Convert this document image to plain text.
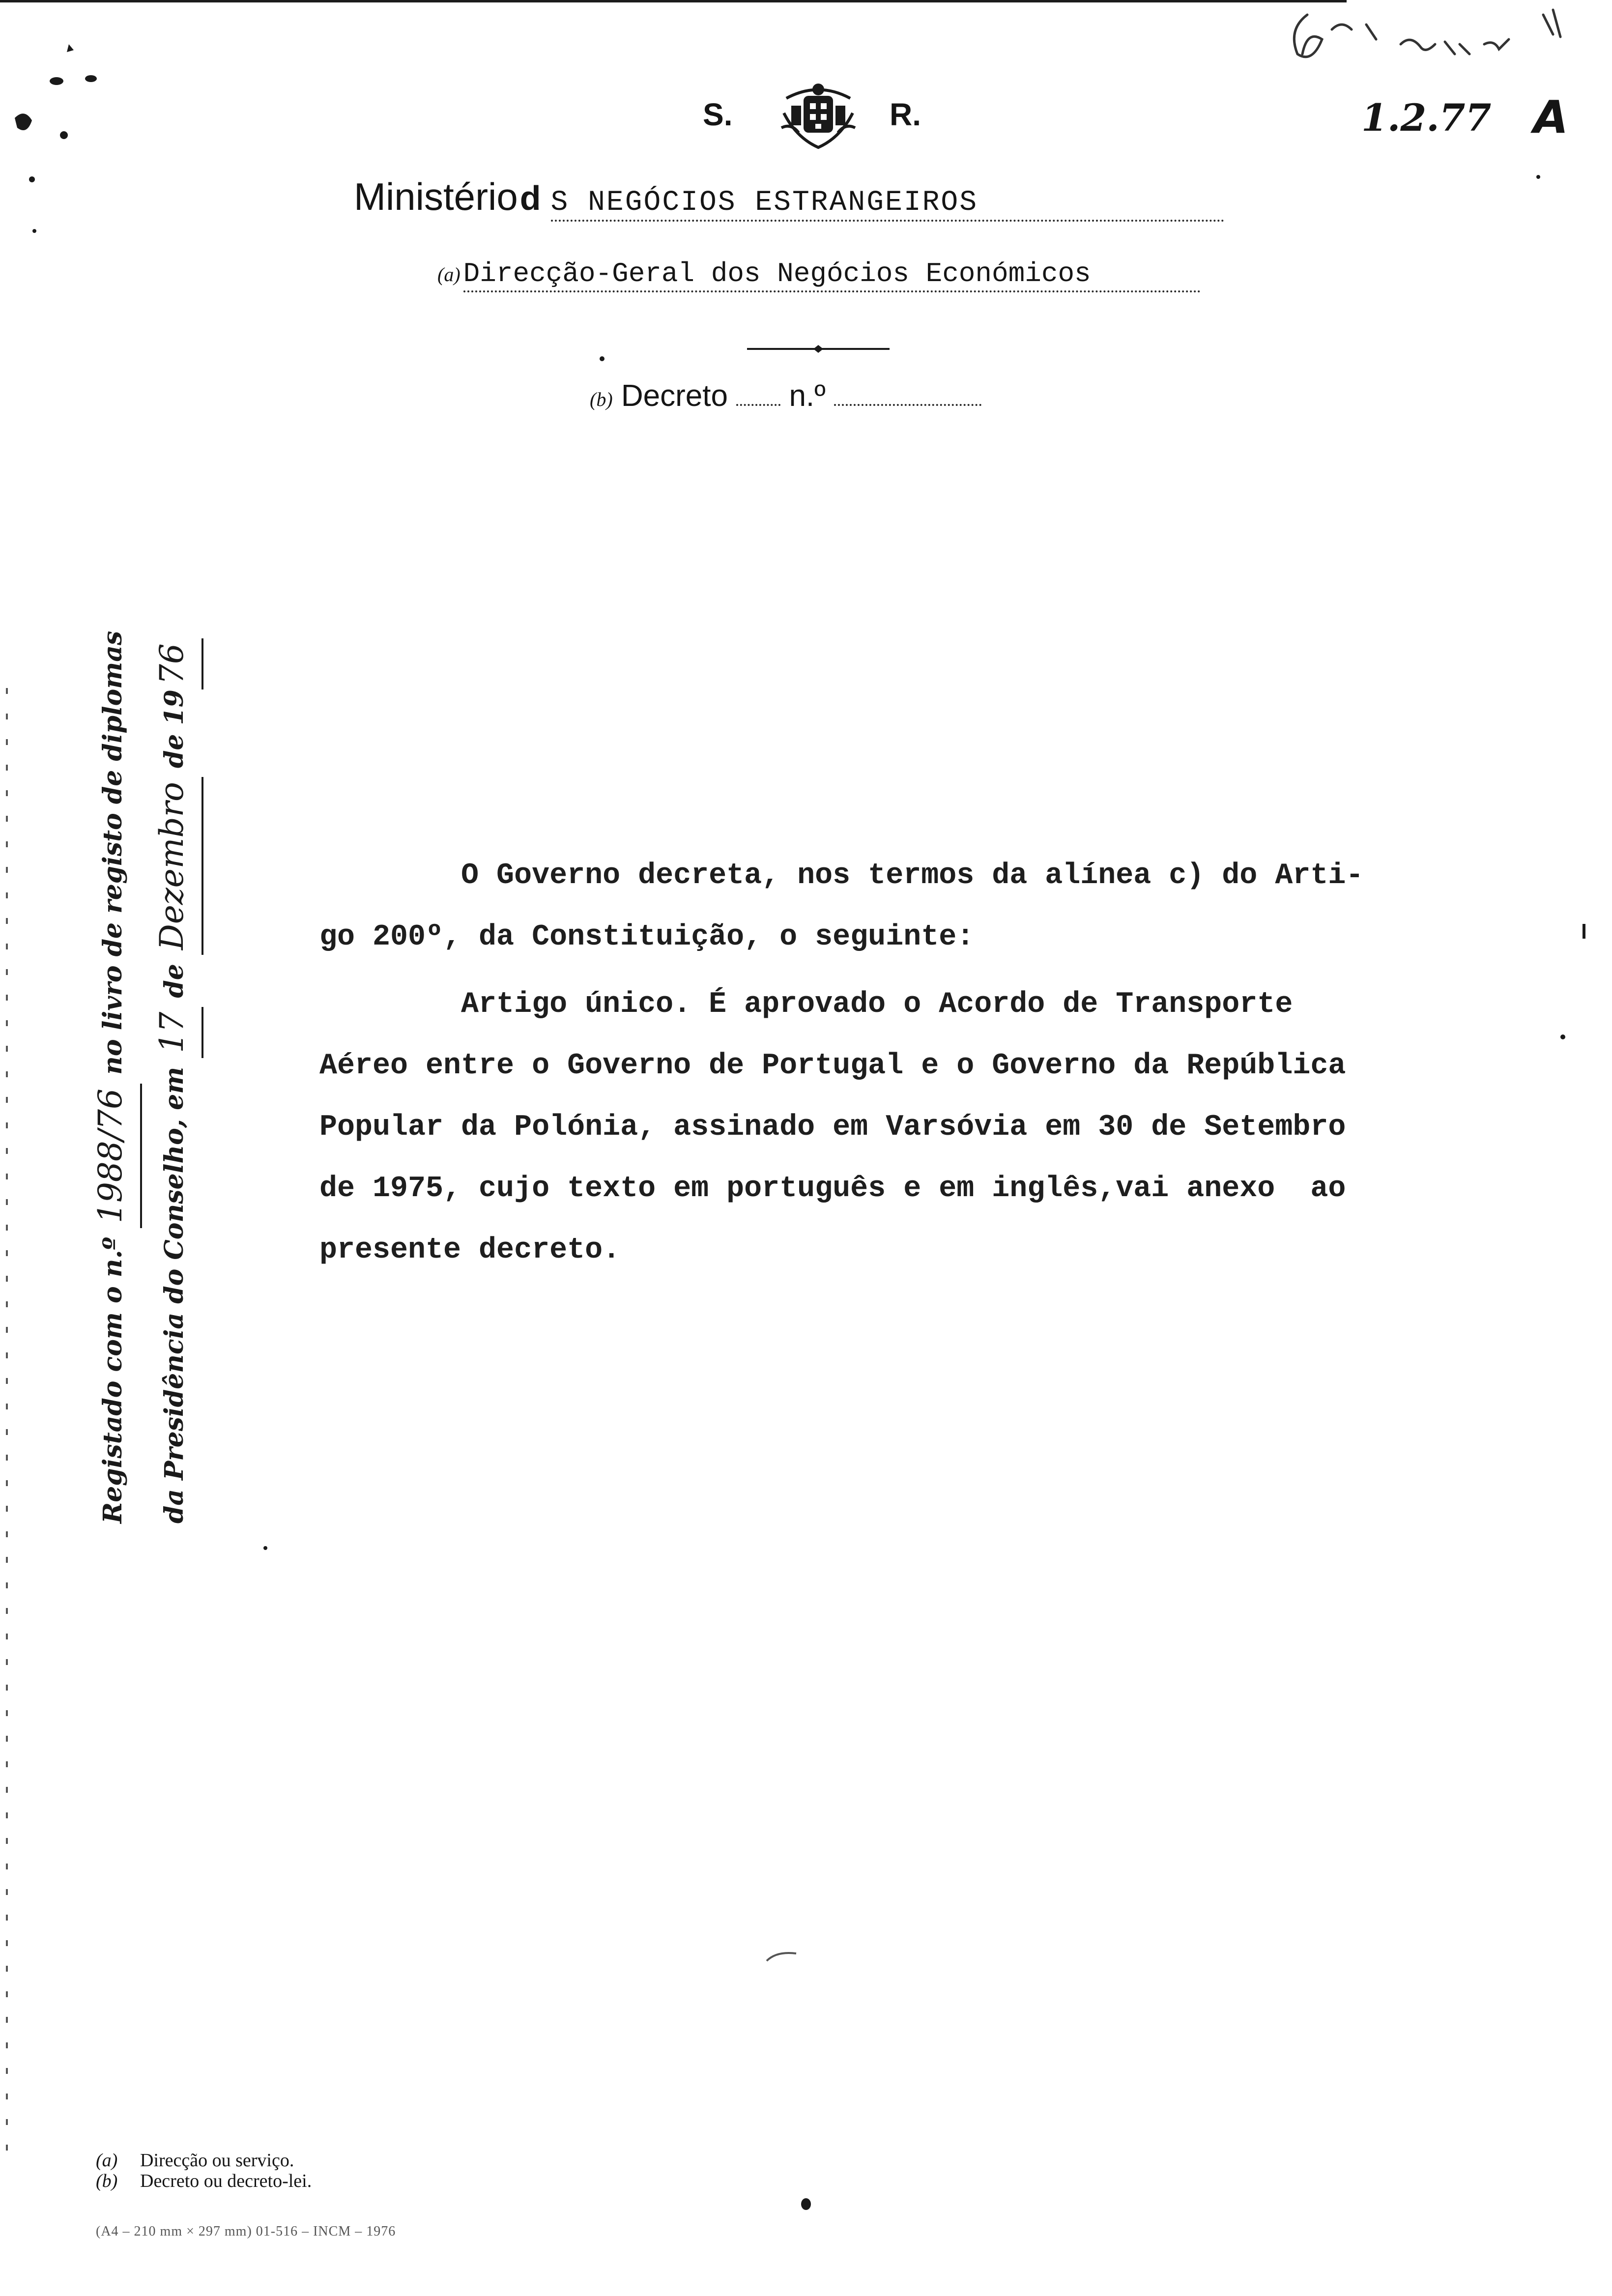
S.	R.	1.2.77 A
Ministério d S NEGÓCIOS ESTRANGEIROS
(a) Direcção-Geral dos Negócios Económicos
(b) Decreto n.º
Registado com o n.º 1988/76 no livro de registo de diplomas
da Presidência do Conselho, em 17 de Dezembro de 1976

O Governo decreta, nos termos da alínea c) do Arti-

go 200º, da Constituição, o seguinte:

Artigo único. É aprovado o Acordo de Transporte

Aéreo entre o Governo de Portugal e o Governo da República

Popular da Polónia, assinado em Varsóvia em 30 de Setembro

de 1975, cujo texto em português e em inglês,vai anexo  ao

presente decreto.

(a) Direcção ou serviço.
(b) Decreto ou decreto-lei.
(A4 – 210 mm × 297 mm) 01-516 – INCM – 1976
